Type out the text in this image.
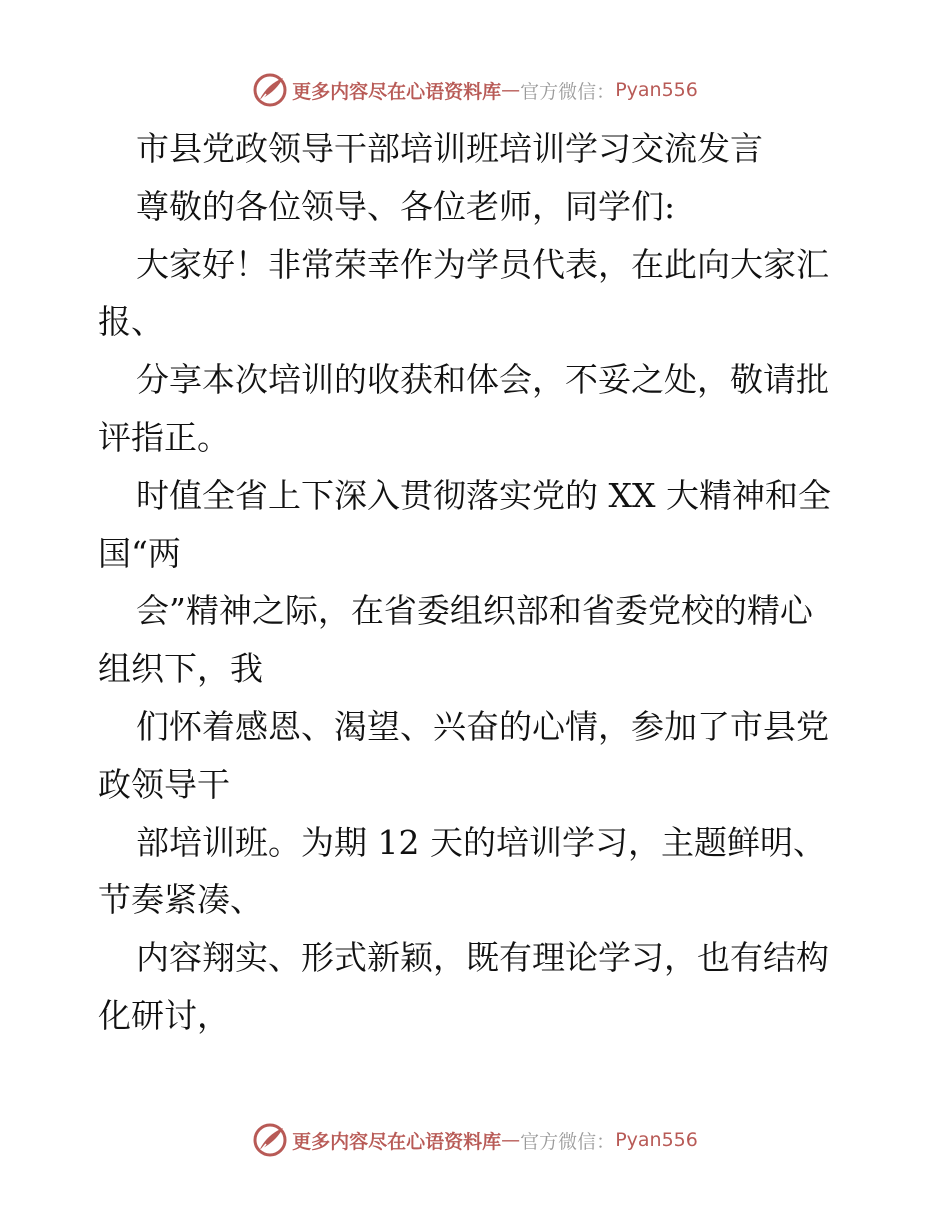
更多内容尽在心语资料库 — 官方微信： Pyan556
市县党政领导干部培训班培训学习交流发言
尊敬的各位领导、各位老师，同学们:
大家好！非常荣幸作为学员代表，在此向大家汇
报、
分享本次培训的收获和体会，不妥之处，敬请批
评指正。
时值全省上下深入贯彻落实党的 XX 大精神和全
国“两
会”精神之际，在省委组织部和省委党校的精心
组织下，我
们怀着感恩、渴望、兴奋的心情，参加了市县党
政领导干
部培训班。为期 12 天的培训学习，主题鲜明、
节奏紧凑、
内容翔实、形式新颖，既有理论学习，也有结构
化研讨，
更多内容尽在心语资料库 — 官方微信： Pyan556
